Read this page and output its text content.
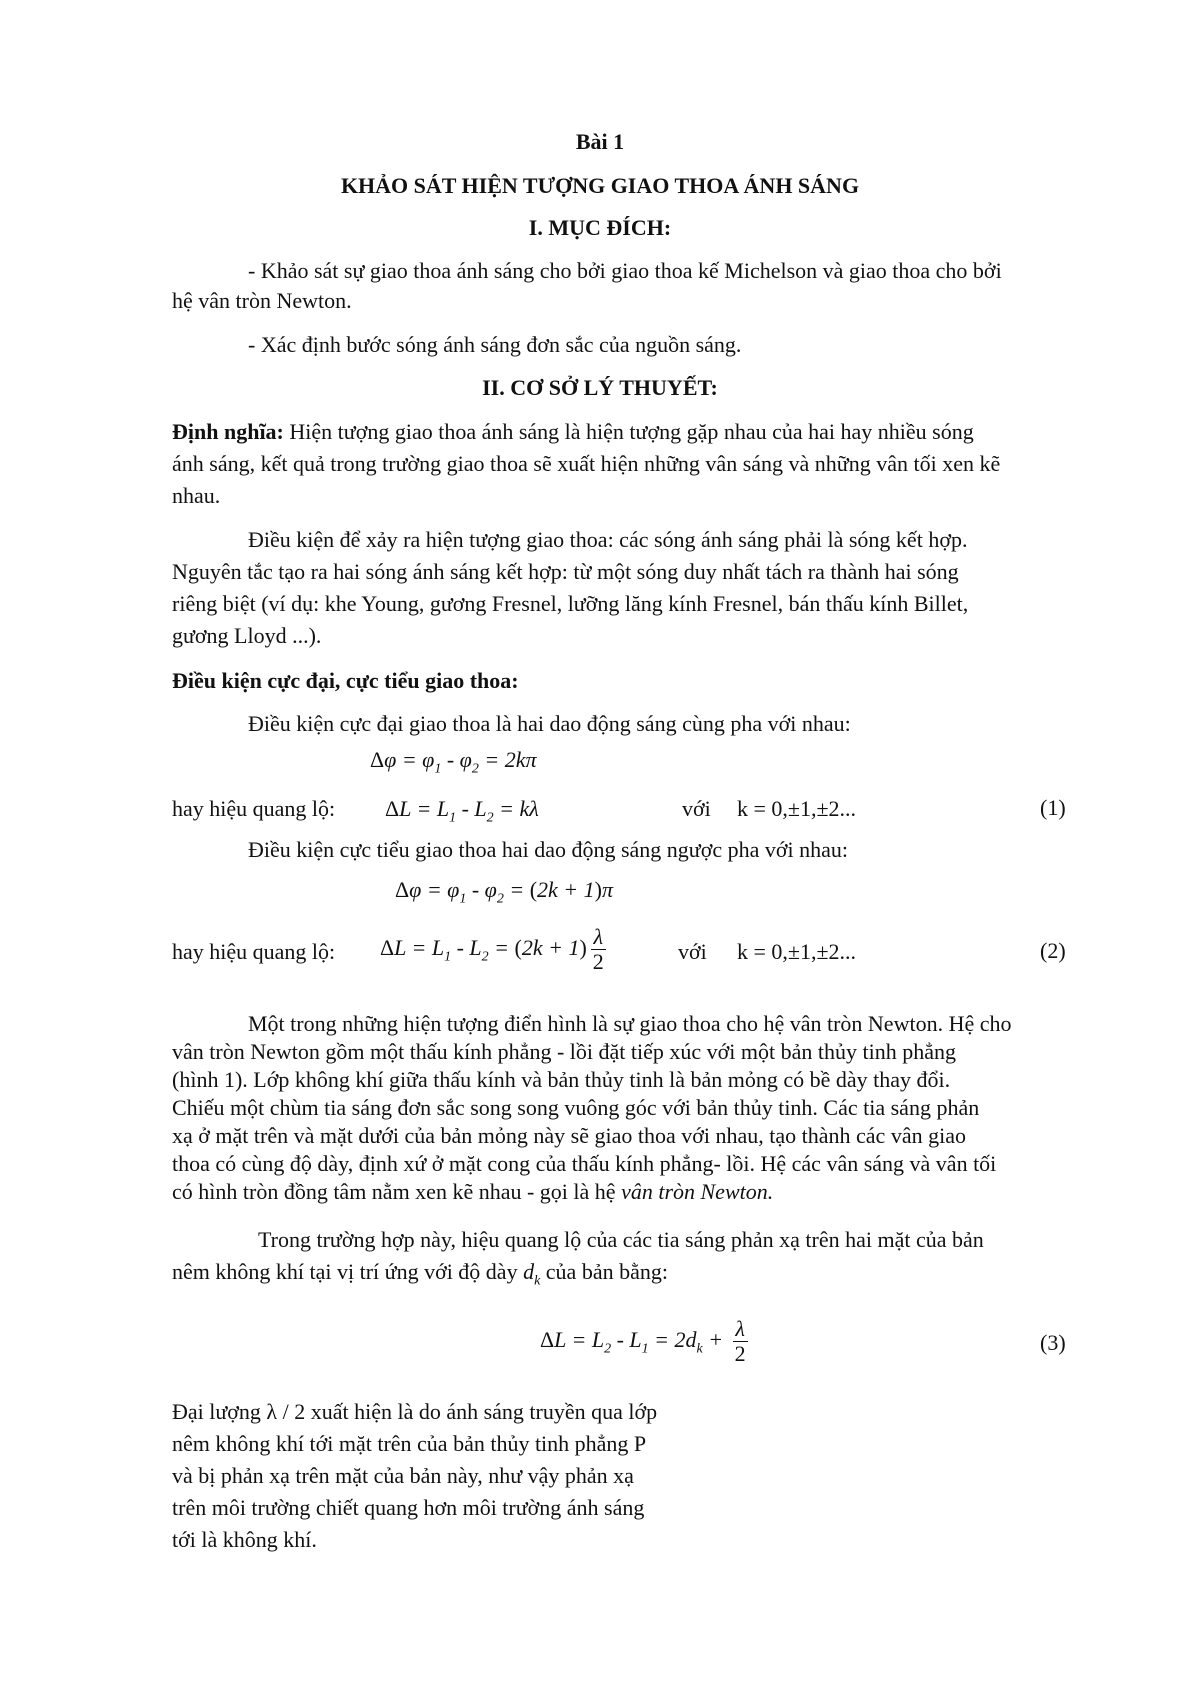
Bài 1
KHẢO SÁT HIỆN TƯỢNG GIAO THOA ÁNH SÁNG
I. MỤC ĐÍCH:
- Khảo sát sự giao thoa ánh sáng cho bởi giao thoa kế Michelson và giao thoa cho bởi
hệ vân tròn Newton.
- Xác định bước sóng ánh sáng đơn sắc của nguồn sáng.
II. CƠ SỞ LÝ THUYẾT:
Định nghĩa: Hiện tượng giao thoa ánh sáng là hiện tượng gặp nhau của hai hay nhiều sóng
ánh sáng, kết quả trong trường giao thoa sẽ xuất hiện những vân sáng và những vân tối xen kẽ
nhau.
Điều kiện để xảy ra hiện tượng giao thoa: các sóng ánh sáng phải là sóng kết hợp.
Nguyên tắc tạo ra hai sóng ánh sáng kết hợp: từ một sóng duy nhất tách ra thành hai sóng
riêng biệt (ví dụ: khe Young, gương Fresnel, lưỡng lăng kính Fresnel, bán thấu kính Billet,
gương Lloyd ...).
Điều kiện cực đại, cực tiểu giao thoa:
Điều kiện cực đại giao thoa là hai dao động sáng cùng pha với nhau:
$\Delta\varphi = \varphi_1 - \varphi_2 = 2k\pi$
hay hiệu quang lộ:	$\Delta L = L_1 - L_2 = k\lambda$	với	k = 0,±1,±2...	(1)
Điều kiện cực tiểu giao thoa hai dao động sáng ngược pha với nhau:
$\Delta\varphi = \varphi_1 - \varphi_2 = (2k + 1)\pi$
hay hiệu quang lộ:	$\Delta L = L_1 - L_2 = (2k + 1) \frac{\lambda}{2}$	với	k = 0,±1,±2...	(2)
Một trong những hiện tượng điển hình là sự giao thoa cho hệ vân tròn Newton. Hệ cho
vân tròn Newton gồm một thấu kính phẳng - lồi đặt tiếp xúc với một bản thủy tinh phẳng
(hình 1). Lớp không khí giữa thấu kính và bản thủy tinh là bản mỏng có bề dày thay đổi.
Chiếu một chùm tia sáng đơn sắc song song vuông góc với bản thủy tinh. Các tia sáng phản
xạ ở mặt trên và mặt dưới của bản mỏng này sẽ giao thoa với nhau, tạo thành các vân giao
thoa có cùng độ dày, định xứ ở mặt cong của thấu kính phẳng- lồi. Hệ các vân sáng và vân tối
có hình tròn đồng tâm nằm xen kẽ nhau - gọi là hệ vân tròn Newton.
Trong trường hợp này, hiệu quang lộ của các tia sáng phản xạ trên hai mặt của bản
nêm không khí tại vị trí ứng với độ dày $d_k$ của bản bằng:
$\Delta L = L_2 - L_1 = 2d_k + \frac{\lambda}{2}$	(3)
Đại lượng λ / 2 xuất hiện là do ánh sáng truyền qua lớp
nêm không khí tới mặt trên của bản thủy tinh phẳng P
và bị phản xạ trên mặt của bản này, như vậy phản xạ
trên môi trường chiết quang hơn môi trường ánh sáng
tới là không khí.
